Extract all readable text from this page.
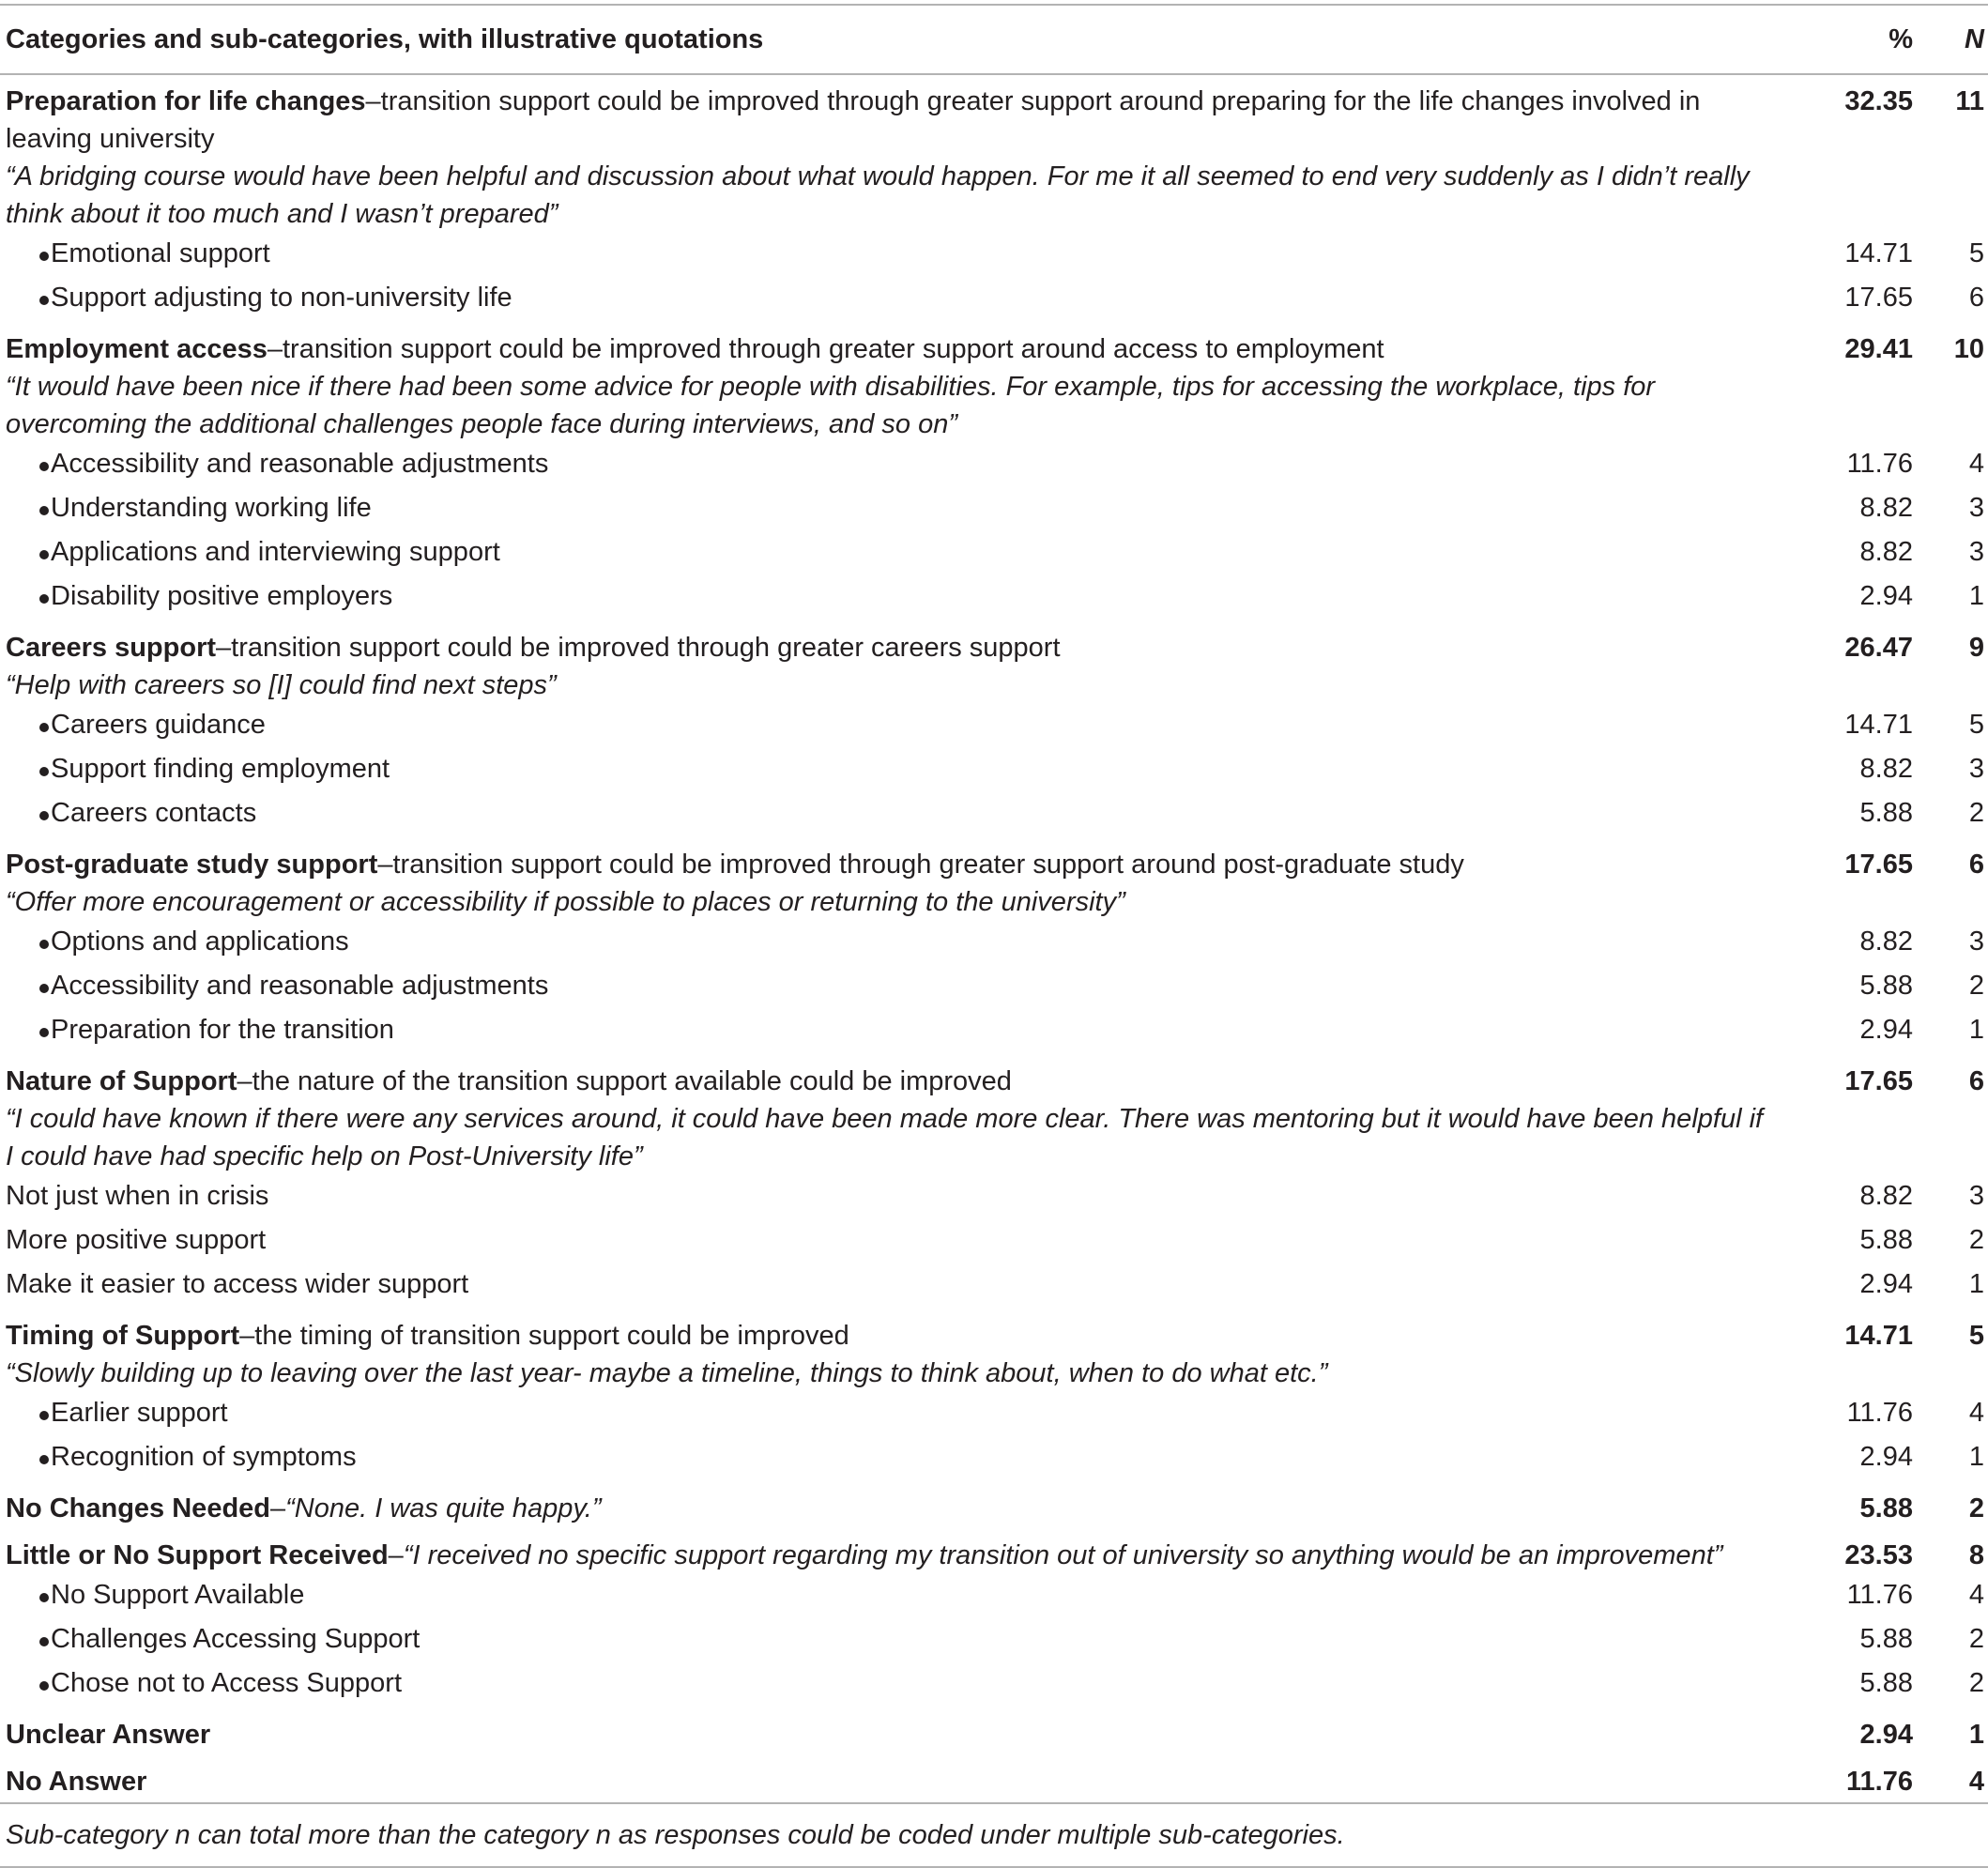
Categories and sub-categories, with illustrative quotations	%	N
Preparation for life changes–transition support could be improved through greater support around preparing for the life changes involved in leaving university
“A bridging course would have been helpful and discussion about what would happen. For me it all seemed to end very suddenly as I didn’t really think about it too much and I wasn’t prepared”	32.35	11

Emotional support	14.71	5

Support adjusting to non-university life	17.65	6
Employment access–transition support could be improved through greater support around access to employment
“It would have been nice if there had been some advice for people with disabilities. For example, tips for accessing the workplace, tips for overcoming the additional challenges people face during interviews, and so on”	29.41	10

Accessibility and reasonable adjustments	11.76	4

Understanding working life	8.82	3

Applications and interviewing support	8.82	3

Disability positive employers	2.94	1
Careers support–transition support could be improved through greater careers support
“Help with careers so [I] could find next steps”	26.47	9

Careers guidance	14.71	5

Support finding employment	8.82	3

Careers contacts	5.88	2
Post-graduate study support–transition support could be improved through greater support around post-graduate study
“Offer more encouragement or accessibility if possible to places or returning to the university”	17.65	6

Options and applications	8.82	3

Accessibility and reasonable adjustments	5.88	2

Preparation for the transition	2.94	1
Nature of Support–the nature of the transition support available could be improved
“I could have known if there were any services around, it could have been made more clear. There was mentoring but it would have been helpful if I could have had specific help on Post-University life”	17.65	6
Not just when in crisis	8.82	3
More positive support	5.88	2
Make it easier to access wider support	2.94	1
Timing of Support–the timing of transition support could be improved
“Slowly building up to leaving over the last year- maybe a timeline, things to think about, when to do what etc.”	14.71	5

Earlier support	11.76	4

Recognition of symptoms	2.94	1
No Changes Needed–“None. I was quite happy.”	5.88	2
Little or No Support Received–“I received no specific support regarding my transition out of university so anything would be an improvement”	23.53	8

No Support Available	11.76	4

Challenges Accessing Support	5.88	2

Chose not to Access Support	5.88	2
Unclear Answer	2.94	1
No Answer	11.76	4
Sub-category n can total more than the category n as responses could be coded under multiple sub-categories.		
